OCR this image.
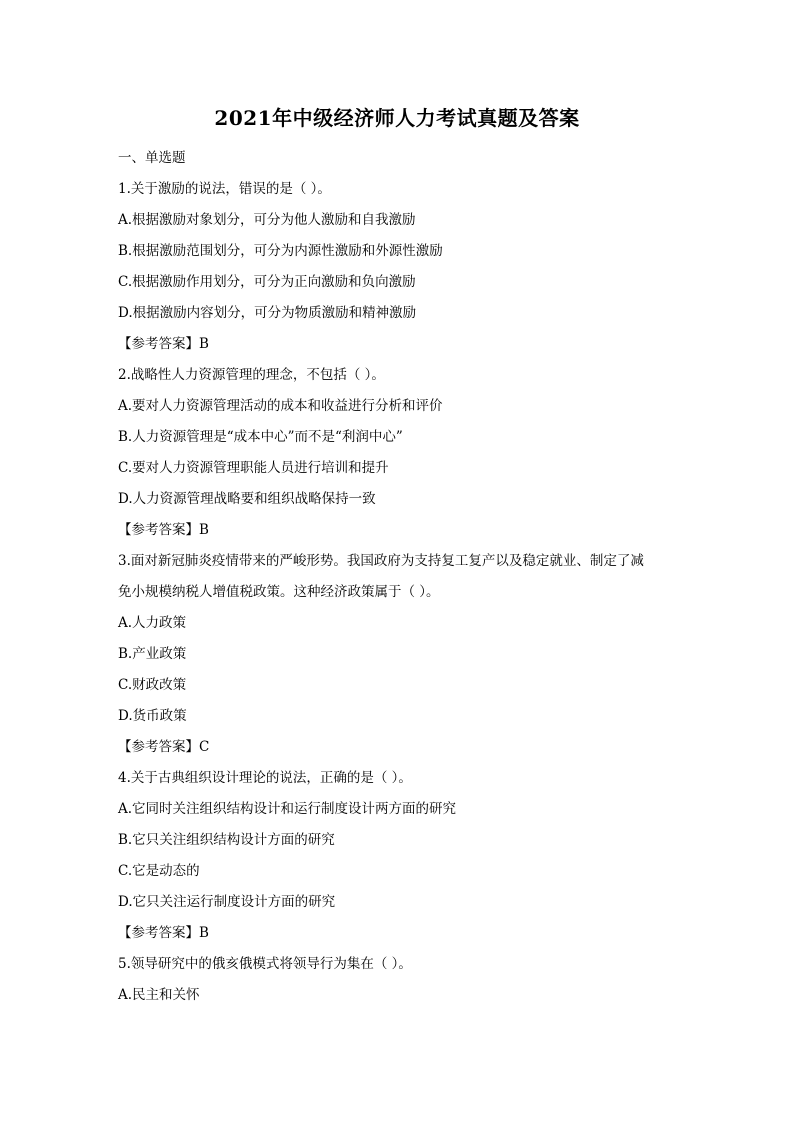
2021年中级经济师人力考试真题及答案
一、单选题
1.关于激励的说法，错误的是（ ）。
A.根据激励对象划分，可分为他人激励和自我激励
B.根据激励范围划分，可分为内源性激励和外源性激励
C.根据激励作用划分，可分为正向激励和负向激励
D.根据激励内容划分，可分为物质激励和精神激励
【参考答案】B
2.战略性人力资源管理的理念，不包括（ ）。
A.要对人力资源管理活动的成本和收益进行分析和评价
B.人力资源管理是“成本中心”而不是“利润中心”
C.要对人力资源管理职能人员进行培训和提升
D.人力资源管理战略要和组织战略保持一致
【参考答案】B
3.面对新冠肺炎疫情带来的严峻形势。我国政府为支持复工复产以及稳定就业、制定了减
免小规模纳税人增值税政策。这种经济政策属于（ ）。
A.人力政策
B.产业政策
C.财政改策
D.货币政策
【参考答案】C
4.关于古典组织设计理论的说法，正确的是（ ）。
A.它同时关注组织结构设计和运行制度设计两方面的研究
B.它只关注组织结构设计方面的研究
C.它是动态的
D.它只关注运行制度设计方面的研究
【参考答案】B
5.领导研究中的俄亥俄模式将领导行为集在（ ）。
A.民主和关怀
